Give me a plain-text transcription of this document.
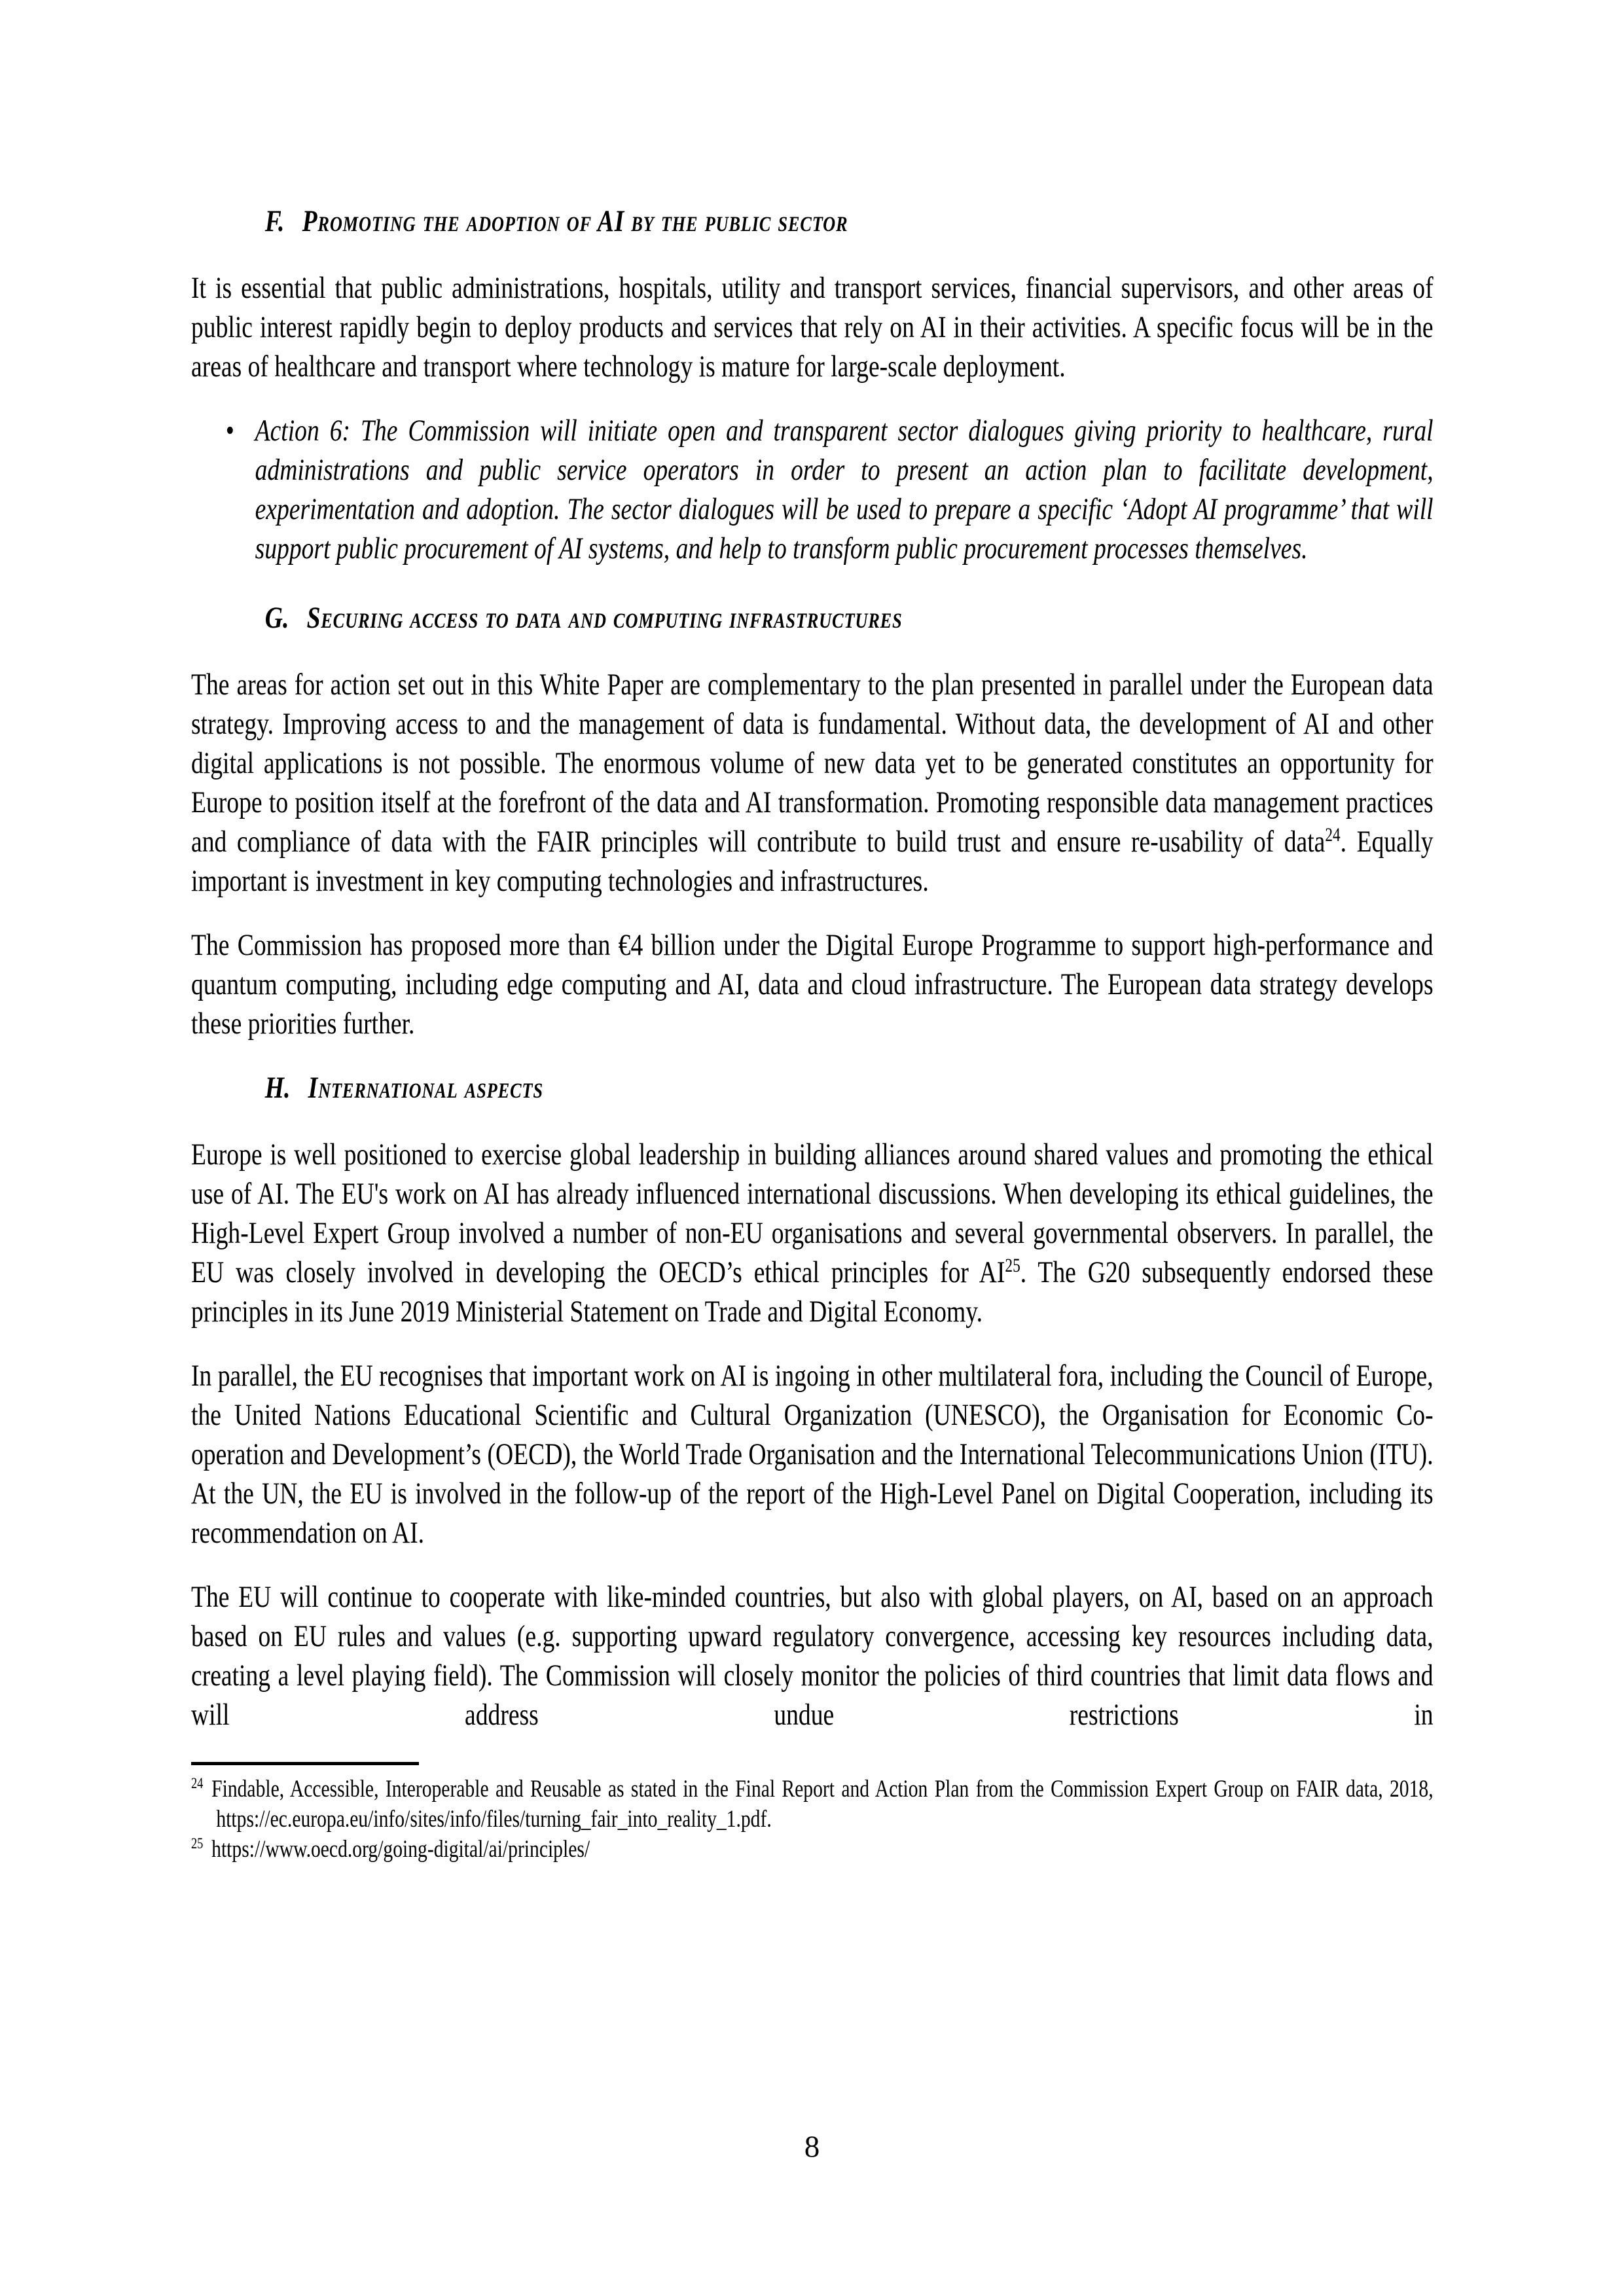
F. Promoting the adoption of AI by the public sector

It is essential that public administrations, hospitals, utility and transport services, financial supervisors, and other areas of public interest rapidly begin to deploy products and services that rely on AI in their activities. A specific focus will be in the areas of healthcare and transport where technology is mature for large-scale deployment.

• Action 6: The Commission will initiate open and transparent sector dialogues giving priority to healthcare, rural administrations and public service operators in order to present an action plan to facilitate development, experimentation and adoption. The sector dialogues will be used to prepare a specific ‘Adopt AI programme’ that will support public procurement of AI systems, and help to transform public procurement processes themselves.
G. Securing access to data and computing infrastructures

The areas for action set out in this White Paper are complementary to the plan presented in parallel under the European data strategy. Improving access to and the management of data is fundamental. Without data, the development of AI and other digital applications is not possible. The enormous volume of new data yet to be generated constitutes an opportunity for Europe to position itself at the forefront of the data and AI transformation. Promoting responsible data management practices and compliance of data with the FAIR principles will contribute to build trust and ensure re-usability of data$^{24}$. Equally important is investment in key computing technologies and infrastructures.

The Commission has proposed more than €4 billion under the Digital Europe Programme to support high-performance and quantum computing, including edge computing and AI, data and cloud infrastructure. The European data strategy develops these priorities further.

H. International aspects

Europe is well positioned to exercise global leadership in building alliances around shared values and promoting the ethical use of AI. The EU's work on AI has already influenced international discussions. When developing its ethical guidelines, the High-Level Expert Group involved a number of non-EU organisations and several governmental observers. In parallel, the EU was closely involved in developing the OECD’s ethical principles for AI$^{25}$. The G20 subsequently endorsed these principles in its June 2019 Ministerial Statement on Trade and Digital Economy.

In parallel, the EU recognises that important work on AI is ingoing in other multilateral fora, including the Council of Europe, the United Nations Educational Scientific and Cultural Organization (UNESCO), the Organisation for Economic Co-operation and Development’s (OECD), the World Trade Organisation and the International Telecommunications Union (ITU). At the UN, the EU is involved in the follow-up of the report of the High-Level Panel on Digital Cooperation, including its recommendation on AI.

The EU will continue to cooperate with like-minded countries, but also with global players, on AI, based on an approach based on EU rules and values (e.g. supporting upward regulatory convergence, accessing key resources including data, creating a level playing field). The Commission will closely monitor the policies of third countries that limit data flows and will address undue restrictions in

$^{24}$ Findable, Accessible, Interoperable and Reusable as stated in the Final Report and Action Plan from the Commission Expert Group on FAIR data, 2018, https://ec.europa.eu/info/sites/info/files/turning_fair_into_reality_1.pdf.

$^{25}$ https://www.oecd.org/going-digital/ai/principles/

8
